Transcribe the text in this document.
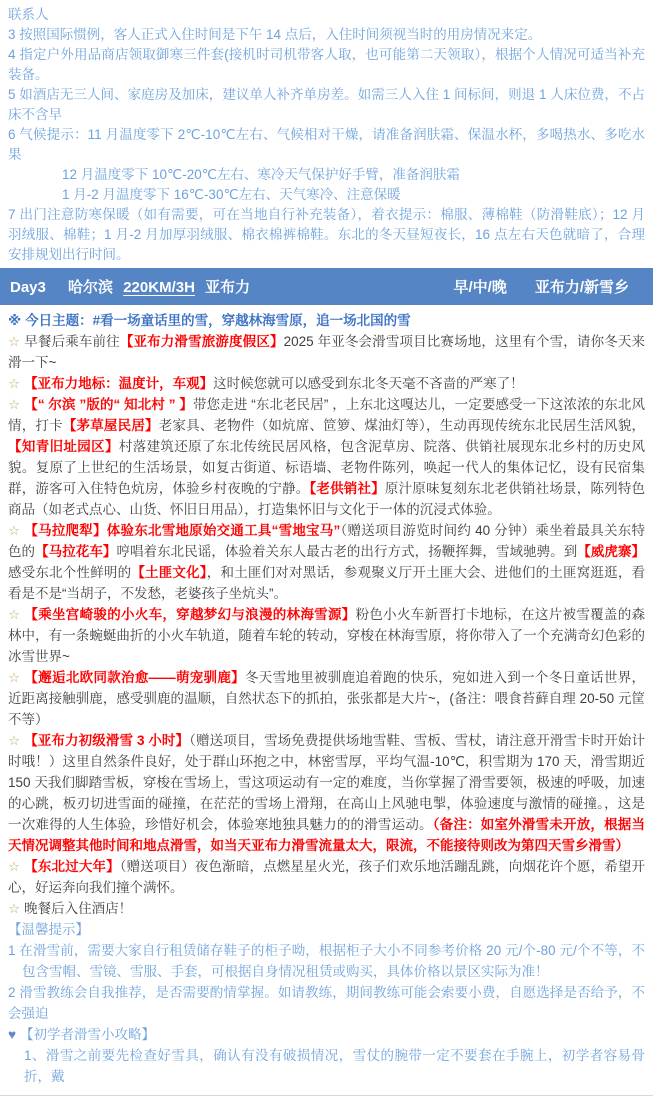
联系人

3 按照国际惯例，客人正式入住时间是下午 14 点后，入住时间须视当时的用房情况来定。

4 指定户外用品商店领取御寒三件套(接机时司机带客人取，也可能第二天领取），根据个人情况可适当补充装备。

5 如酒店无三人间、家庭房及加床，建议单人补齐单房差。如需三人入住 1 间标间，则退 1 人床位费，不占床不含早

6 气候提示：11 月温度零下 2℃-10℃左右、气候相对干燥，请准备润肤霜、保温水杯，多喝热水、多吃水果

12 月温度零下 10℃-20℃左右、寒冷天气保护好手臂，准备润肤霜

1 月-2 月温度零下 16℃-30℃左右、天气寒冷、注意保暖

7 出门注意防寒保暖（如有需要，可在当地自行补充装备），着衣提示：棉服、薄棉鞋（防滑鞋底）；12 月羽绒服、棉鞋；1 月-2 月加厚羽绒服、棉衣棉裤棉鞋。东北的冬天昼短夜长，16 点左右天色就暗了，合理安排规划出行时间。

Day3 哈尔滨 220KM/3H 亚布力	早/中/晚 亚布力/新雪乡

※ 今日主题：#看一场童话里的雪，穿越林海雪原，追一场北国的雪

☆ 早餐后乘车前往【亚布力滑雪旅游度假区】2025 年亚冬会滑雪项目比赛场地，这里有个雪，请你冬天来滑一下~

☆ 【亚布力地标：温度计，车观】这时候您就可以感受到东北冬天毫不吝啬的严寒了！

☆ 【“ 尔滨 ”版的“ 知北村 ” 】带您走进 “东北老民居” ，上东北这嘎达儿，一定要感受一下这浓浓的东北风情，打卡【茅草屋民居】老家具、老物件（如炕席、笸箩、煤油灯等），生动再现传统东北民居生活风貌，【知青旧址园区】村落建筑还原了东北传统民居风格，包含泥草房、院落、供销社展现东北乡村的历史风貌。复原了上世纪的生活场景，如复古街道、标语墙、老物件陈列，唤起一代人的集体记忆，设有民宿集群，游客可入住特色炕房，体验乡村夜晚的宁静。【老供销社】原汁原味复刻东北老供销社场景，陈列特色商品（如老式点心、山货、怀旧日用品），打造集怀旧与文化于一体的沉浸式体验。

☆ 【马拉爬犁】体验东北雪地原始交通工具“雪地宝马”（赠送项目游览时间约 40 分钟）乘坐着最具关东特色的【马拉花车】哼唱着东北民谣，体验着关东人最古老的出行方式，扬鞭挥舞，雪域驰骋。到【威虎寨】感受东北个性鲜明的【土匪文化】，和土匪们对对黑话，参观聚义厅开土匪大会、进他们的土匪窝逛逛，看看是不是“当胡子，不发愁，老婆孩子坐炕头”。

☆ 【乘坐宫崎骏的小火车，穿越梦幻与浪漫的林海雪源】粉色小火车新晋打卡地标，在这片被雪覆盖的森林中，有一条蜿蜒曲折的小火车轨道，随着车轮的转动，穿梭在林海雪原，将你带入了一个充满奇幻色彩的冰雪世界~

☆ 【邂逅北欧同款治愈——萌宠驯鹿】冬天雪地里被驯鹿追着跑的快乐，宛如进入到一个冬日童话世界，近距离接触驯鹿，感受驯鹿的温顺，自然状态下的抓拍，张张都是大片~，(备注：喂食苔藓自理 20-50 元筐不等）

☆ 【亚布力初级滑雪 3 小时】（赠送项目，雪场免费提供场地雪鞋、雪板、雪杖，请注意开滑雪卡时开始计时哦！）这里自然条件良好，处于群山环抱之中，林密雪厚，平均气温-10℃，积雪期为 170 天，滑雪期近 150 天我们脚踏雪板，穿梭在雪场上，雪这项运动有一定的难度，当你掌握了滑雪要领，极速的呼吸，加速的心跳，板刃切进雪面的碰撞，在茫茫的雪场上滑翔，在高山上风驰电掣，体验速度与激情的碰撞。，这是一次难得的人生体验，珍惜好机会，体验寒地独具魅力的的滑雪运动。（备注：如室外滑雪未开放，根据当天情况调整其他时间和地点滑雪，如当天亚布力滑雪流量太大，限流，不能接待则改为第四天雪乡滑雪）

☆ 【东北过大年】（赠送项目）夜色渐暗，点燃星星火光，孩子们欢乐地活蹦乱跳，向烟花许个愿，希望开心，好运奔向我们撞个满怀。

☆ 晚餐后入住酒店！

【温馨提示】

1 在滑雪前，需要大家自行租赁储存鞋子的柜子呦，根据柜子大小不同参考价格 20 元/个-80 元/个不等，不包含雪帽、雪镜、雪服、手套，可根据自身情况租赁或购买，具体价格以景区实际为准！

2 滑雪教练会自我推荐，是否需要酌情掌握。如请教练，期间教练可能会索要小费，自愿选择是否给予，不会强迫

♥ 【初学者滑雪小攻略】

1、滑雪之前要先检查好雪具，确认有没有破损情况，雪仗的腕带一定不要套在手腕上，初学者容易骨折，戴
